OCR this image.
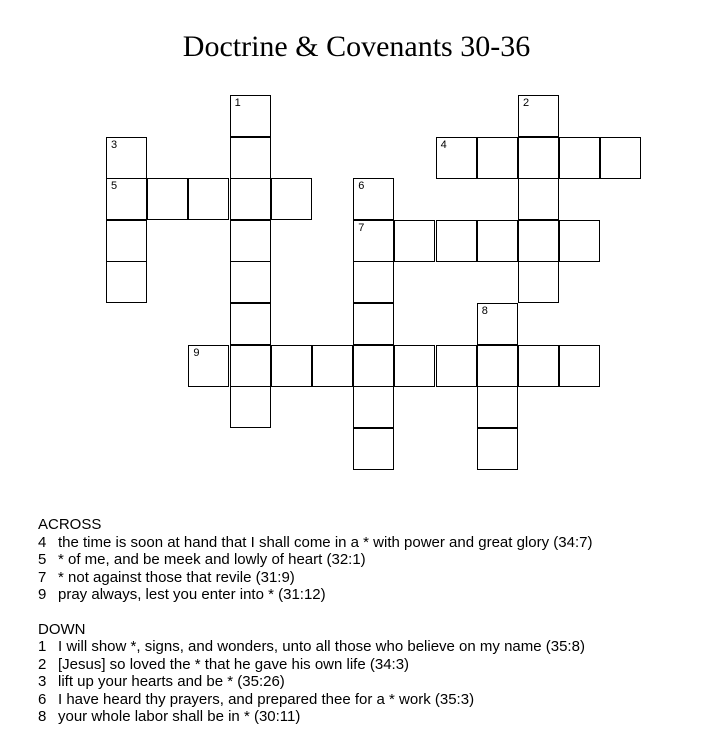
Doctrine & Covenants 30-36
1	2
3
5
4
6
7
8
9
ACROSS
4 the time is soon at hand that I shall come in a * with power and great glory (34:7)
5 * of me, and be meek and lowly of heart (32:1)
7 * not against those that revile (31:9)
9 pray always, lest you enter into * (31:12)
DOWN
1 I will show *, signs, and wonders, unto all those who believe on my name (35:8)
2 [Jesus] so loved the * that he gave his own life (34:3)
3 lift up your hearts and be * (35:26)
6 I have heard thy prayers, and prepared thee for a * work (35:3)
8 your whole labor shall be in * (30:11)
